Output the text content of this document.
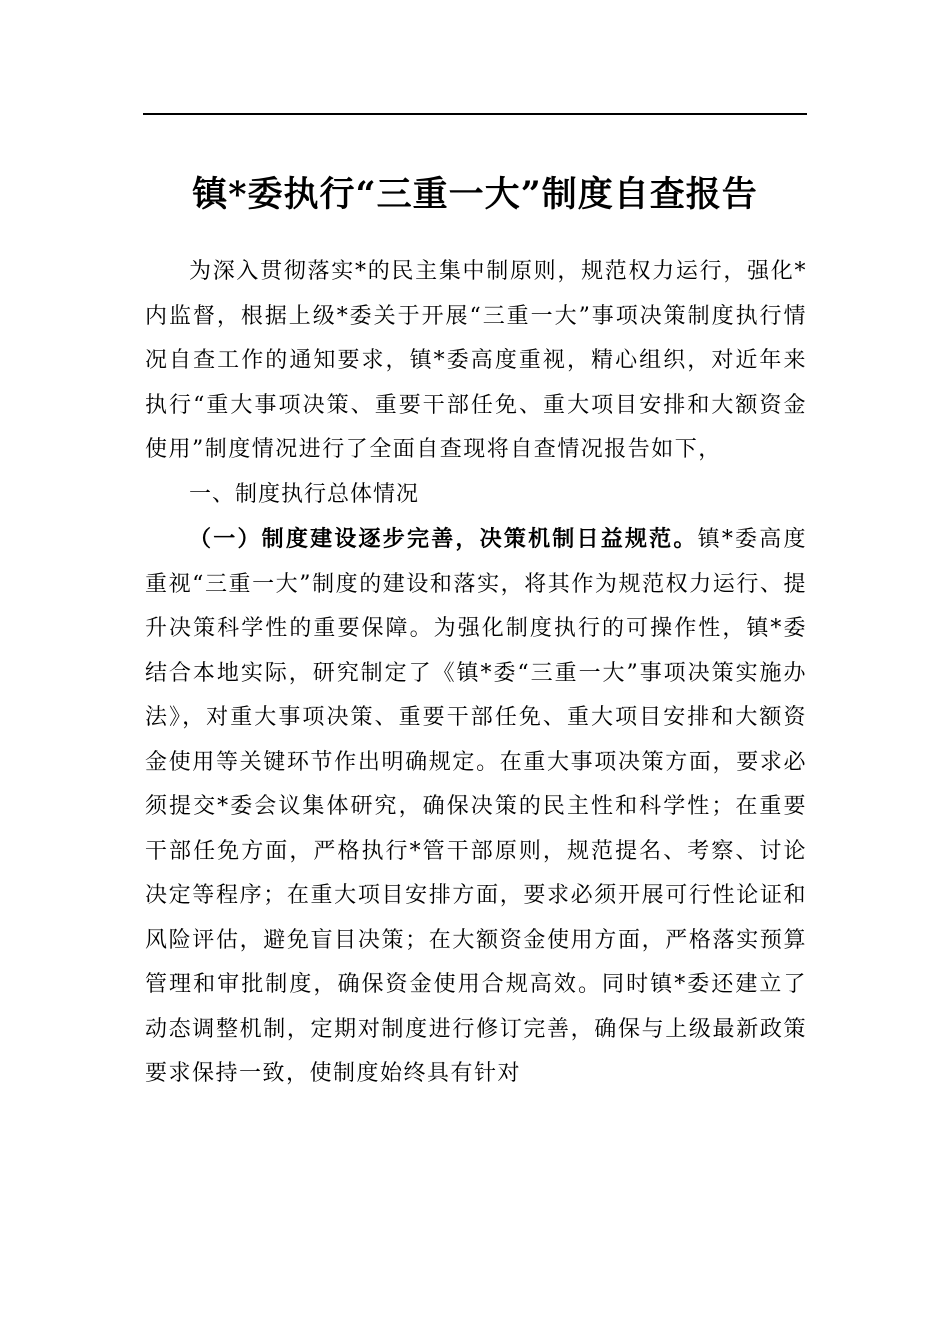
镇*委执行“三重一大”制度自查报告

为深入贯彻落实*的民主集中制原则，规范权力运行，强化*内监督，根据上级*委关于开展“三重一大”事项决策制度执行情况自查工作的通知要求，镇*委高度重视，精心组织，对近年来执行“重大事项决策、重要干部任免、重大项目安排和大额资金使用”制度情况进行了全面自查现将自查情况报告如下，

一、制度执行总体情况

（一）制度建设逐步完善，决策机制日益规范。镇*委高度重视“三重一大”制度的建设和落实，将其作为规范权力运行、提升决策科学性的重要保障。为强化制度执行的可操作性，镇*委结合本地实际，研究制定了《镇*委“三重一大”事项决策实施办法》，对重大事项决策、重要干部任免、重大项目安排和大额资金使用等关键环节作出明确规定。在重大事项决策方面，要求必须提交*委会议集体研究，确保决策的民主性和科学性；在重要干部任免方面，严格执行*管干部原则，规范提名、考察、讨论决定等程序；在重大项目安排方面，要求必须开展可行性论证和风险评估，避免盲目决策；在大额资金使用方面，严格落实预算管理和审批制度，确保资金使用合规高效。同时镇*委还建立了动态调整机制，定期对制度进行修订完善，确保与上级最新政策要求保持一致，使制度始终具有针对
